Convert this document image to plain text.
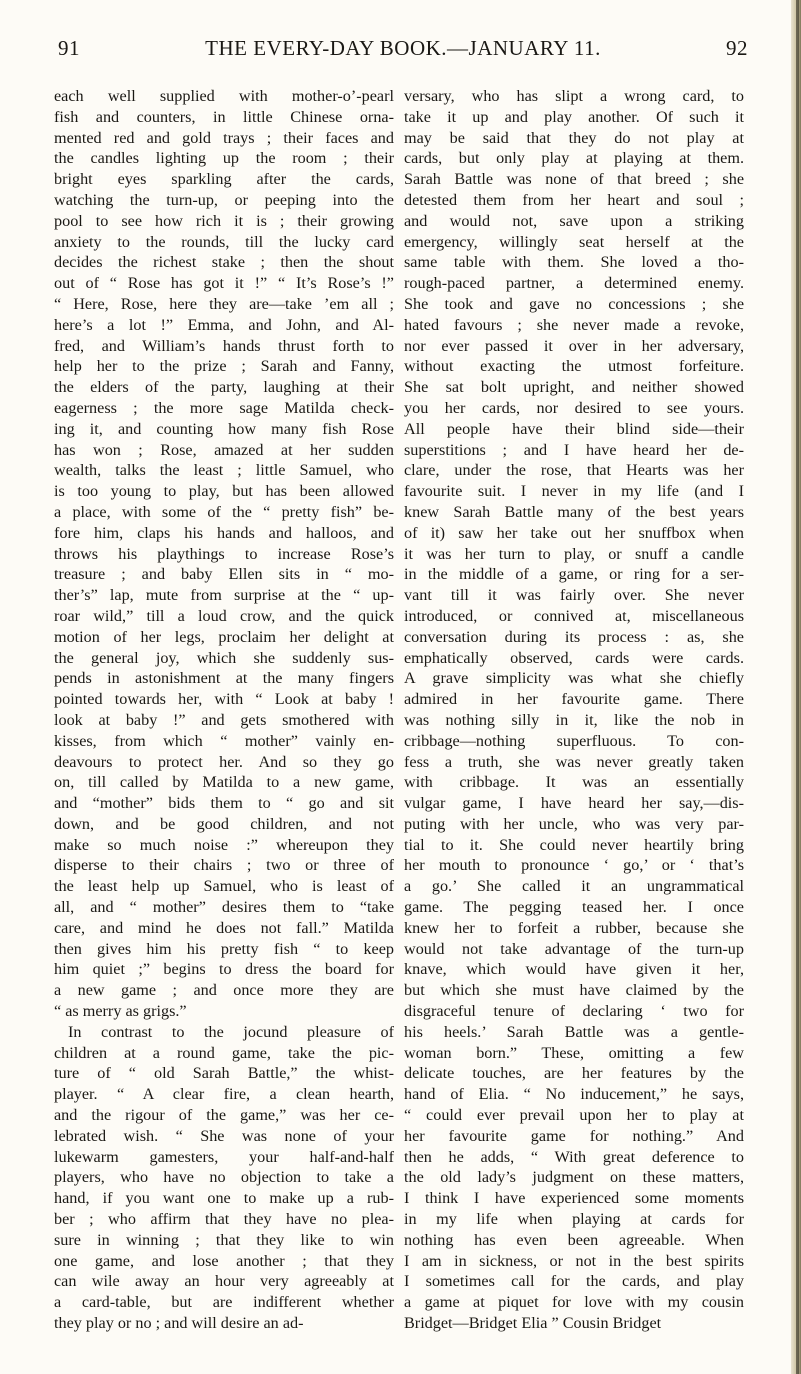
91	THE EVERY-DAY BOOK.—JANUARY 11.	92
each well supplied with mother-o’-pearl
fish and counters, in little Chinese orna-
mented red and gold trays ; their faces and
the candles lighting up the room ; their
bright eyes sparkling after the cards,
watching the turn-up, or peeping into the
pool to see how rich it is ; their growing
anxiety to the rounds, till the lucky card
decides the richest stake ; then the shout
out of “ Rose has got it !” “ It’s Rose’s !”
“ Here, Rose, here they are—take ’em all ;
here’s a lot !” Emma, and John, and Al-
fred, and William’s hands thrust forth to
help her to the prize ; Sarah and Fanny,
the elders of the party, laughing at their
eagerness ; the more sage Matilda check-
ing it, and counting how many fish Rose
has won ; Rose, amazed at her sudden
wealth, talks the least ; little Samuel, who
is too young to play, but has been allowed
a place, with some of the “ pretty fish” be-
fore him, claps his hands and halloos, and
throws his playthings to increase Rose’s
treasure ; and baby Ellen sits in “ mo-
ther’s” lap, mute from surprise at the “ up-
roar wild,” till a loud crow, and the quick
motion of her legs, proclaim her delight at
the general joy, which she suddenly sus-
pends in astonishment at the many fingers
pointed towards her, with “ Look at baby !
look at baby !” and gets smothered with
kisses, from which “ mother” vainly en-
deavours to protect her. And so they go
on, till called by Matilda to a new game,
and “mother” bids them to “ go and sit
down, and be good children, and not
make so much noise :” whereupon they
disperse to their chairs ; two or three of
the least help up Samuel, who is least of
all, and “ mother” desires them to “take
care, and mind he does not fall.” Matilda
then gives him his pretty fish “ to keep
him quiet ;” begins to dress the board for
a new game ; and once more they are
“ as merry as grigs.”
In contrast to the jocund pleasure of
children at a round game, take the pic-
ture of “ old Sarah Battle,” the whist-
player. “ A clear fire, a clean hearth,
and the rigour of the game,” was her ce-
lebrated wish. “ She was none of your
lukewarm gamesters, your half-and-half
players, who have no objection to take a
hand, if you want one to make up a rub-
ber ; who affirm that they have no plea-
sure in winning ; that they like to win
one game, and lose another ; that they
can wile away an hour very agreeably at
a card-table, but are indifferent whether
they play or no ; and will desire an ad-
versary, who has slipt a wrong card, to
take it up and play another. Of such it
may be said that they do not play at
cards, but only play at playing at them.
Sarah Battle was none of that breed ; she
detested them from her heart and soul ;
and would not, save upon a striking
emergency, willingly seat herself at the
same table with them. She loved a tho-
rough-paced partner, a determined enemy.
She took and gave no concessions ; she
hated favours ; she never made a revoke,
nor ever passed it over in her adversary,
without exacting the utmost forfeiture.
She sat bolt upright, and neither showed
you her cards, nor desired to see yours.
All people have their blind side—their
superstitions ; and I have heard her de-
clare, under the rose, that Hearts was her
favourite suit. I never in my life (and I
knew Sarah Battle many of the best years
of it) saw her take out her snuffbox when
it was her turn to play, or snuff a candle
in the middle of a game, or ring for a ser-
vant till it was fairly over. She never
introduced, or connived at, miscellaneous
conversation during its process : as, she
emphatically observed, cards were cards.
A grave simplicity was what she chiefly
admired in her favourite game. There
was nothing silly in it, like the nob in
cribbage—nothing superfluous. To con-
fess a truth, she was never greatly taken
with cribbage. It was an essentially
vulgar game, I have heard her say,—dis-
puting with her uncle, who was very par-
tial to it. She could never heartily bring
her mouth to pronounce ‘ go,’ or ‘ that’s
a go.’ She called it an ungrammatical
game. The pegging teased her. I once
knew her to forfeit a rubber, because she
would not take advantage of the turn-up
knave, which would have given it her,
but which she must have claimed by the
disgraceful tenure of declaring ‘ two for
his heels.’ Sarah Battle was a gentle-
woman born.” These, omitting a few
delicate touches, are her features by the
hand of Elia. “ No inducement,” he says,
“ could ever prevail upon her to play at
her favourite game for nothing.” And
then he adds, “ With great deference to
the old lady’s judgment on these matters,
I think I have experienced some moments
in my life when playing at cards for
nothing has even been agreeable. When
I am in sickness, or not in the best spirits
I sometimes call for the cards, and play
a game at piquet for love with my cousin
Bridget—Bridget Elia ” Cousin Bridget
